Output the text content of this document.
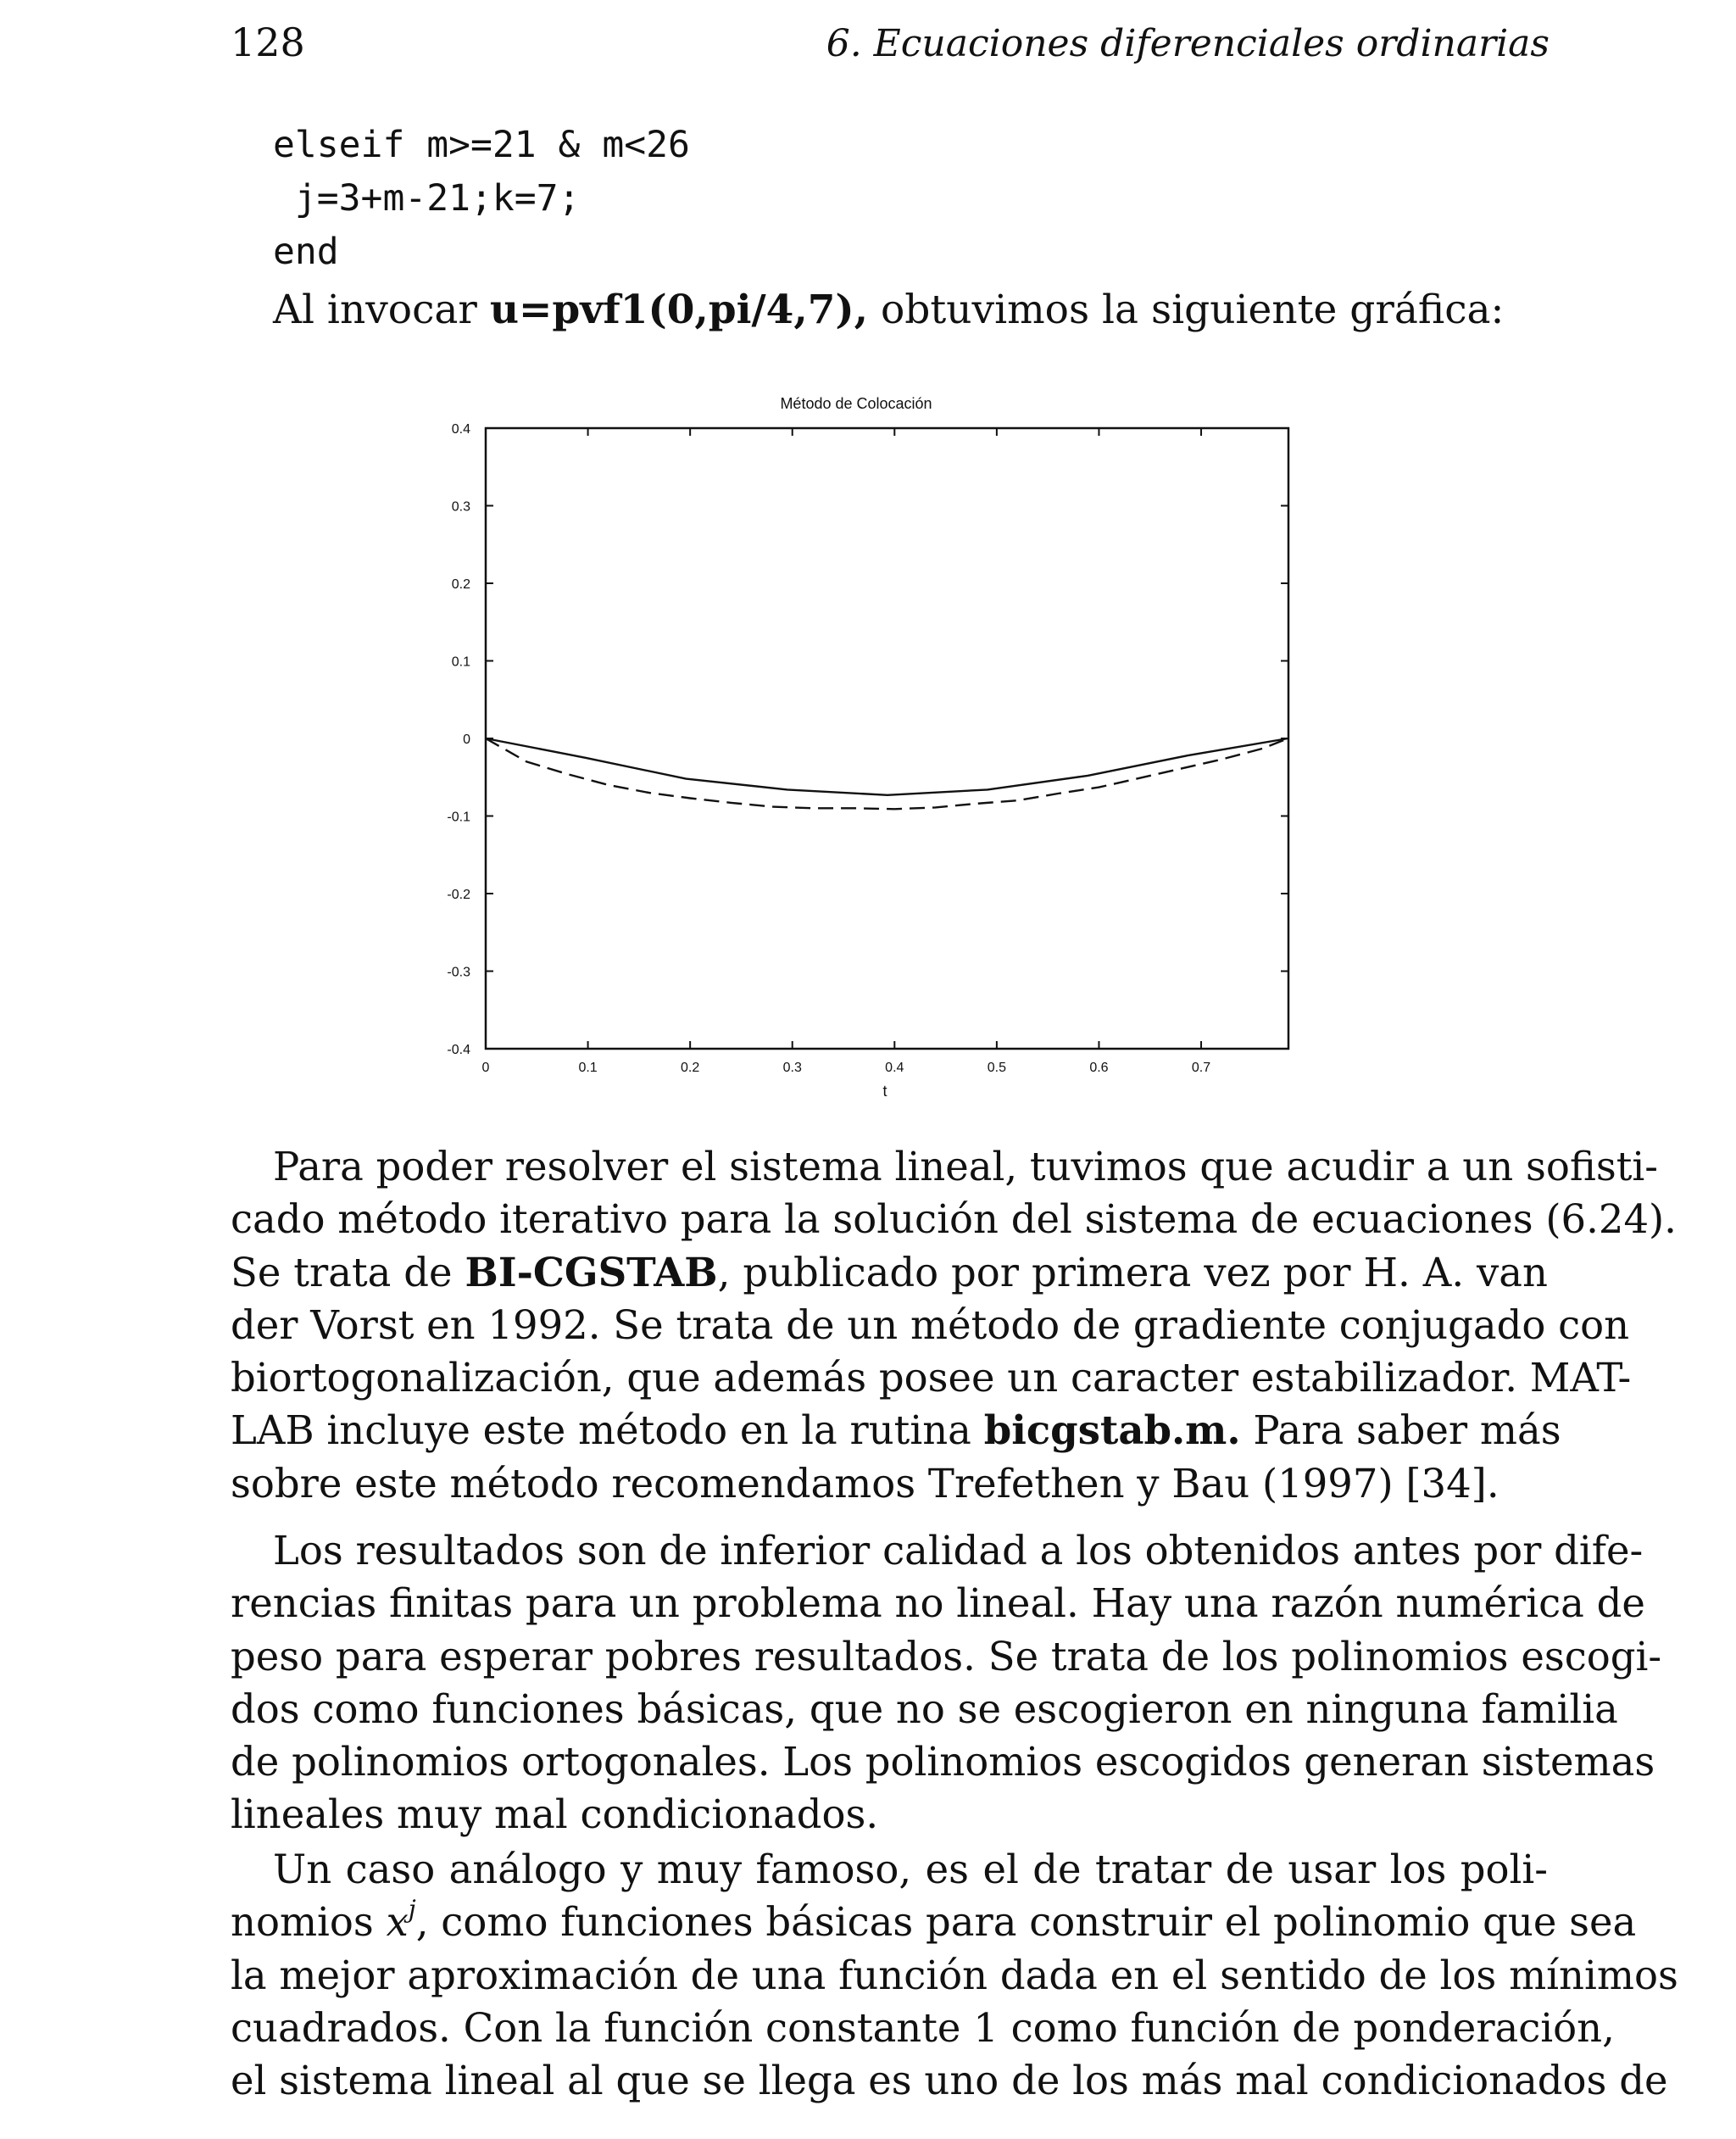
128	6. Ecuaciones diferenciales ordinarias
elseif m>=21 & m<26
j=3+m-21;k=7;
end
Al invocar u=pvf1(0,pi/4,7), obtuvimos la siguiente gráfica:
Método de Colocación
0.4
0.3
0.2
0.1
0
-0.1
-0.2
-0.3
-0.4
0	0.1	0.2	0.3	0.4	0.5	0.6	0.7
t

Para poder resolver el sistema lineal, tuvimos que acudir a un sofisti-
cado método iterativo para la solución del sistema de ecuaciones (6.24).
Se trata de BI-CGSTAB, publicado por primera vez por H. A. van
der Vorst en 1992. Se trata de un método de gradiente conjugado con
biortogonalización, que además posee un caracter estabilizador. MAT-
LAB incluye este método en la rutina bicgstab.m. Para saber más
sobre este método recomendamos Trefethen y Bau (1997) [34].

Los resultados son de inferior calidad a los obtenidos antes por dife-
rencias finitas para un problema no lineal. Hay una razón numérica de
peso para esperar pobres resultados. Se trata de los polinomios escogi-
dos como funciones básicas, que no se escogieron en ninguna familia
de polinomios ortogonales. Los polinomios escogidos generan sistemas
lineales muy mal condicionados.

Un caso análogo y muy famoso, es el de tratar de usar los poli-
nomios $x^j$, como funciones básicas para construir el polinomio que sea
la mejor aproximación de una función dada en el sentido de los mínimos
cuadrados. Con la función constante 1 como función de ponderación,
el sistema lineal al que se llega es uno de los más mal condicionados de
